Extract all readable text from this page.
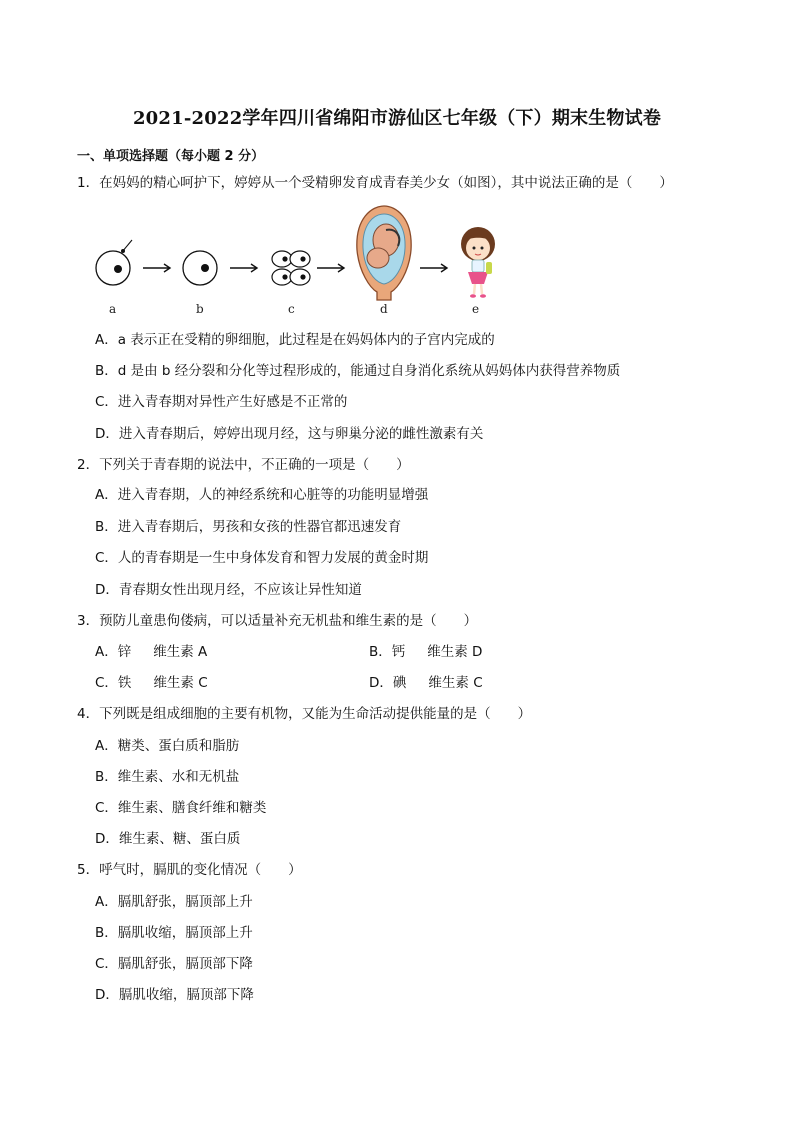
2021-2022学年四川省绵阳市游仙区七年级（下）期末生物试卷
一、单项选择题（每小题 2 分）
1．在妈妈的精心呵护下，婷婷从一个受精卵发育成青春美少女（如图），其中说法正确的是（　　）
a	b	c	d	e
A．a 表示正在受精的卵细胞，此过程是在妈妈体内的子宫内完成的
B．d 是由 b 经分裂和分化等过程形成的，能通过自身消化系统从妈妈体内获得营养物质
C．进入青春期对异性产生好感是不正常的
D．进入青春期后，婷婷出现月经，这与卵巢分泌的雌性激素有关
2．下列关于青春期的说法中，不正确的一项是（　　）
A．进入青春期，人的神经系统和心脏等的功能明显增强
B．进入青春期后，男孩和女孩的性器官都迅速发育
C．人的青春期是一生中身体发育和智力发展的黄金时期
D．青春期女性出现月经，不应该让异性知道
3．预防儿童患佝偻病，可以适量补充无机盐和维生素的是（　　）
A．锌 维生素 A	B．钙 维生素 D
C．铁 维生素 C	D．碘 维生素 C
4．下列既是组成细胞的主要有机物，又能为生命活动提供能量的是（　　）
A．糖类、蛋白质和脂肪
B．维生素、水和无机盐
C．维生素、膳食纤维和糖类
D．维生素、糖、蛋白质
5．呼气时，膈肌的变化情况（　　）
A．膈肌舒张，膈顶部上升
B．膈肌收缩，膈顶部上升
C．膈肌舒张，膈顶部下降
D．膈肌收缩，膈顶部下降
